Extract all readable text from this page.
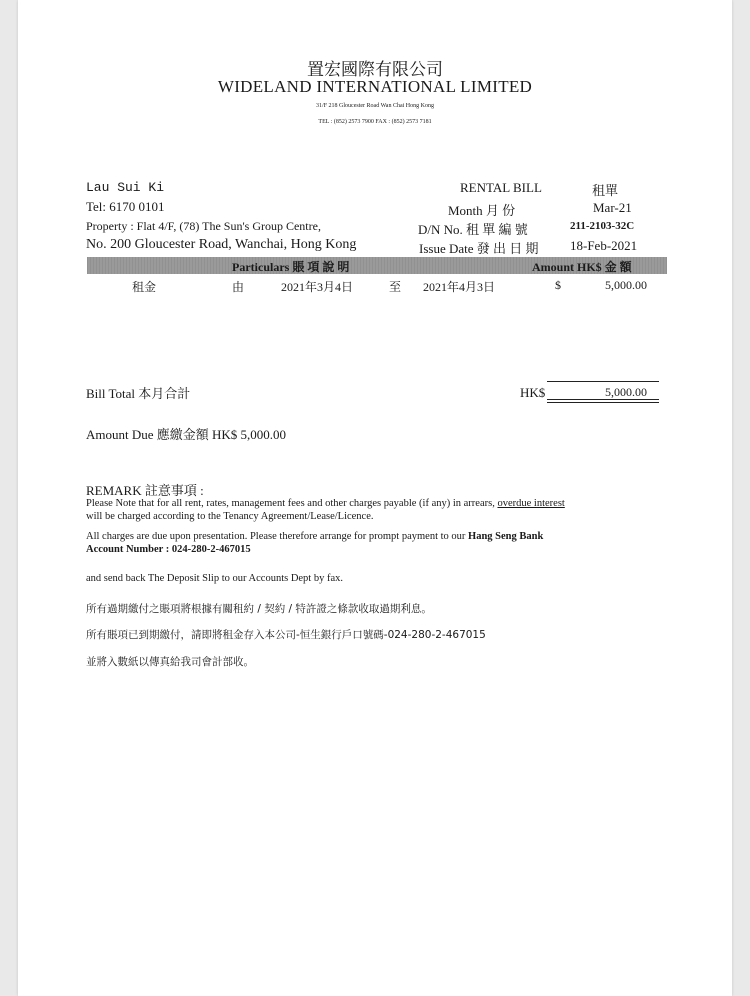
置宏國際有限公司
WIDELAND INTERNATIONAL LIMITED
31/F 218 Gloucester Road Wan Chai Hong Kong
TEL : (852) 2573 7900 FAX : (852) 2573 7181
Lau Sui Ki
Tel: 6170 0101
Property : Flat 4/F, (78) The Sun's Group Centre,
No. 200 Gloucester Road, Wanchai, Hong Kong
RENTAL BILL	租單
Month 月 份	Mar-21
D/N No. 租 單 編 號	211-2103-32C
Issue Date 發 出 日 期 18-Feb-2021
Particulars 賬 項 說 明	Amount HK$ 金 額
租金	由	2021年3月4日	至 2021年4月3日	$	5,000.00
Bill Total 本月合計	HK$	5,000.00
Amount Due 應繳金額 HK$ 5,000.00
REMARK 註意事項 :
Please Note that for all rent, rates, management fees and other charges payable (if any) in arrears, overdue interest
will be charged according to the Tenancy Agreement/Lease/Licence.
All charges are due upon presentation. Please therefore arrange for prompt payment to our Hang Seng Bank
Account Number : 024-280-2-467015
and send back The Deposit Slip to our Accounts Dept by fax.
所有過期繳付之賬項將根據有關租約 / 契約 / 特許證之條款收取過期利息。
所有賬項已到期繳付，請即將租金存入本公司-恒生銀行戶口號碼-024-280-2-467015
並將入數紙以傳真給我司會計部收。
